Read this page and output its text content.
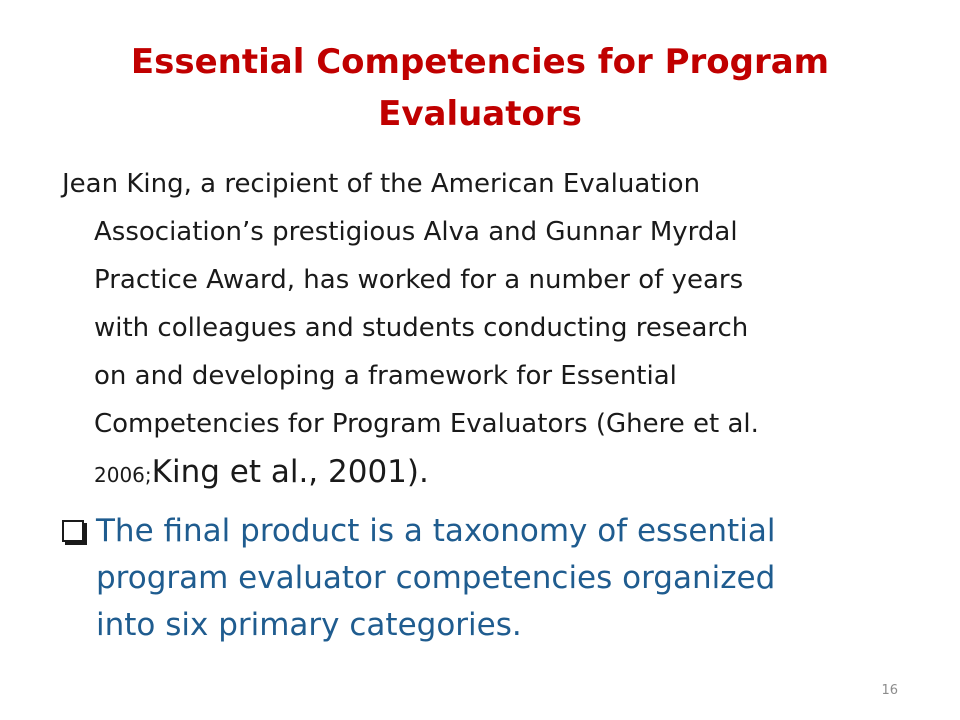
Essential Competencies for Program
Evaluators

Jean King, a recipient of the American Evaluation
Association’s prestigious Alva and Gunnar Myrdal
Practice Award, has worked for a number of years
with colleagues and students conducting research
on and developing a framework for Essential
Competencies for Program Evaluators (Ghere et al.
2006;King et al., 2001).

The final product is a taxonomy of essential
program evaluator competencies organized
into six primary categories.
16
